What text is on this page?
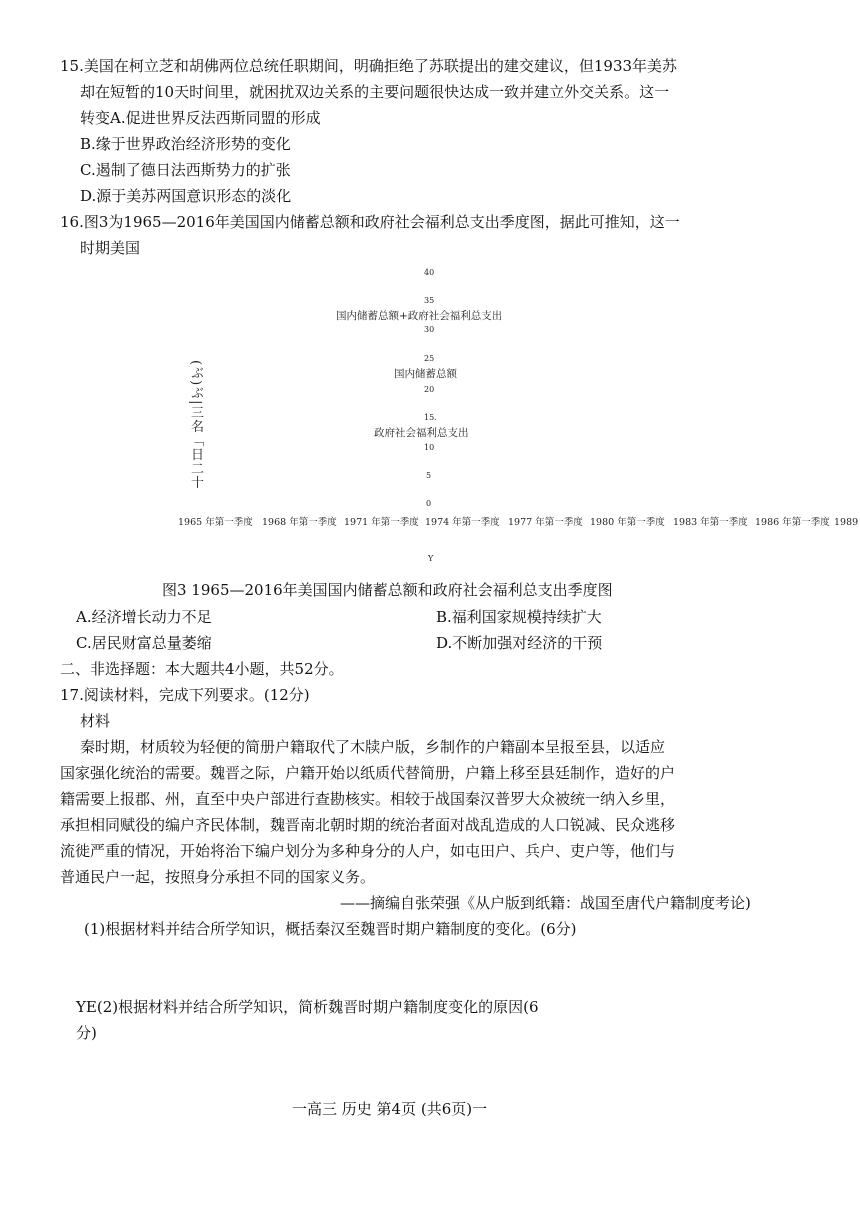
15.美国在柯立芝和胡佛两位总统任职期间，明确拒绝了苏联提出的建交建议，但1933年美苏
却在短暂的10天时间里，就困扰双边关系的主要问题很快达成一致并建立外交关系。这一
转变A.促进世界反法西斯同盟的形成
B.缘于世界政治经济形势的变化
C.遏制了德日法西斯势力的扩张
D.源于美苏两国意识形态的淡化
16.图3为1965—2016年美国国内储蓄总额和政府社会福利总支出季度图，据此可推知，这一
时期美国
40
35
30
25
20
15.
10
5
0
国内储蓄总额+政府社会福利总支出
国内储蓄总额
政府社会福利总支出
(ぶ)ぶ|三名「日二十
1965 年第一季度 1968 年第一季度 1971 年第一季度 1974 年第一季度 1977 年第一季度 1980 年第一季度 1983 年第一季度 1986 年第一季度 1989
Y
图3 1965—2016年美国国内储蓄总额和政府社会福利总支出季度图
A.经济增长动力不足	B.福利国家规模持续扩大
C.居民财富总量萎缩	D.不断加强对经济的干预
二、非选择题：本大题共4小题，共52分。
17.阅读材料，完成下列要求。(12分)
材料
秦时期，材质较为轻便的简册户籍取代了木牍户版，乡制作的户籍副本呈报至县，以适应
国家强化统治的需要。魏晋之际，户籍开始以纸质代替简册，户籍上移至县廷制作，造好的户
籍需要上报郡、州，直至中央户部进行查勘核实。相较于战国秦汉普罗大众被统一纳入乡里，
承担相同赋役的编户齐民体制，魏晋南北朝时期的统治者面对战乱造成的人口锐减、民众逃移
流徙严重的情况，开始将治下编户划分为多种身分的人户，如屯田户、兵户、吏户等，他们与
普通民户一起，按照身分承担不同的国家义务。
——摘编自张荣强《从户版到纸籍：战国至唐代户籍制度考论)
(1)根据材料并结合所学知识，概括秦汉至魏晋时期户籍制度的变化。(6分)
YE(2)根据材料并结合所学知识，简析魏晋时期户籍制度变化的原因(6
分)
一高三 历史 第4页 (共6页)一
